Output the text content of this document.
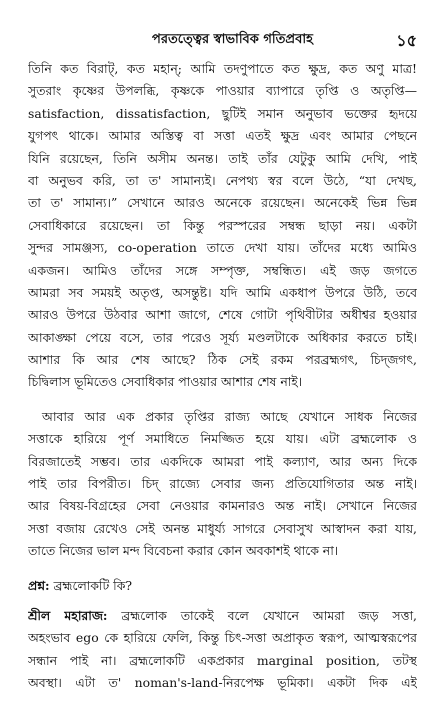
পরতত্ত্বের স্বাভাবিক গতিপ্রবাহ	১৫
তিনি কত বিরাট্, কত মহান্; আমি তদণুপাতে কত ক্ষুদ্র, কত অণু মাত্র!
সুতরাং কৃষ্ণের উপলব্ধি, কৃষ্ণকে পাওয়ার ব্যাপারে তৃপ্তি ও অতৃপ্তি—
satisfaction, dissatisfaction, ছুটিই সমান অনুভাব ভক্তের হৃদয়ে
যুগপৎ থাকে। আমার অস্তিত্ব বা সত্তা এতই ক্ষুদ্র এবং আমার পেছনে
যিনি রয়েছেন, তিনি অসীম অনন্ত। তাই তাঁর যেটুকু আমি দেখি, পাই
বা অনুভব করি, তা ত' সামান্যই। নেপথ্য স্বর বলে উঠে, “যা দেখছ,
তা ত' সামান্য।” সেখানে আরও অনেকে রয়েছেন। অনেকেই ভিন্ন ভিন্ন
সেবাধিকারে রয়েছেন। তা কিন্তু পরস্পরের সম্বন্ধ ছাড়া নয়। একটা
সুন্দর সামঞ্জস্য, co-operation তাতে দেখা যায়। তাঁদের মধ্যে আমিও
একজন। আমিও তাঁদের সঙ্গে সম্পৃক্ত, সম্বন্ধিত। এই জড় জগতে
আমরা সব সময়ই অতৃপ্ত, অসন্তুষ্ট। যদি আমি একধাপ উপরে উঠি, তবে
আরও উপরে উঠবার আশা জাগে, শেষে গোটা পৃথিবীটার অধীশ্বর হওয়ার
আকাঙ্ক্ষা পেয়ে বসে, তার পরেও সূর্য্য মণ্ডলটাকে অধিকার করতে চাই।
আশার কি আর শেষ আছে? ঠিক সেই রকম পরব্রহ্মগৎ, চিদ্জগৎ,
চিদ্বিলাস ভূমিতেও সেবাধিকার পাওয়ার আশার শেষ নাই।
আবার আর এক প্রকার তৃপ্তির রাজ্য আছে যেখানে সাধক নিজের
সত্তাকে হারিয়ে পূর্ণ সমাধিতে নিমজ্জিত হয়ে যায়। এটা ব্রহ্মলোক ও
বিরজাতেই সম্ভব। তার একদিকে আমরা পাই কল্যাণ, আর অন্য দিকে
পাই তার বিপরীত। চিদ্ রাজ্যে সেবার জন্য প্রতিযোগিতার অন্ত নাই।
আর বিষয়-বিগ্রহের সেবা নেওয়ার কামনারও অন্ত নাই। সেখানে নিজের
সত্তা বজায় রেখেও সেই অনন্ত মাধুর্য্য সাগরে সেবাসুখ আস্বাদন করা যায়,
তাতে নিজের ভাল মন্দ বিবেচনা করার কোন অবকাশই থাকে না।
প্রশ্ন: ব্রহ্মলোকটি কি?
শ্রীল মহারাজ: ব্রহ্মলোক তাকেই বলে যেখানে আমরা জড় সত্তা,
অহংভাব ego কে হারিয়ে ফেলি, কিন্তু চিৎ-সত্তা অপ্রাকৃত স্বরূপ, আত্মস্বরূপের
সন্ধান পাই না। ব্রহ্মলোকটি একপ্রকার marginal position, তটস্থ
অবস্থা। এটা ত' noman's-land-নিরপেক্ষ ভূমিকা। একটা দিক এই
